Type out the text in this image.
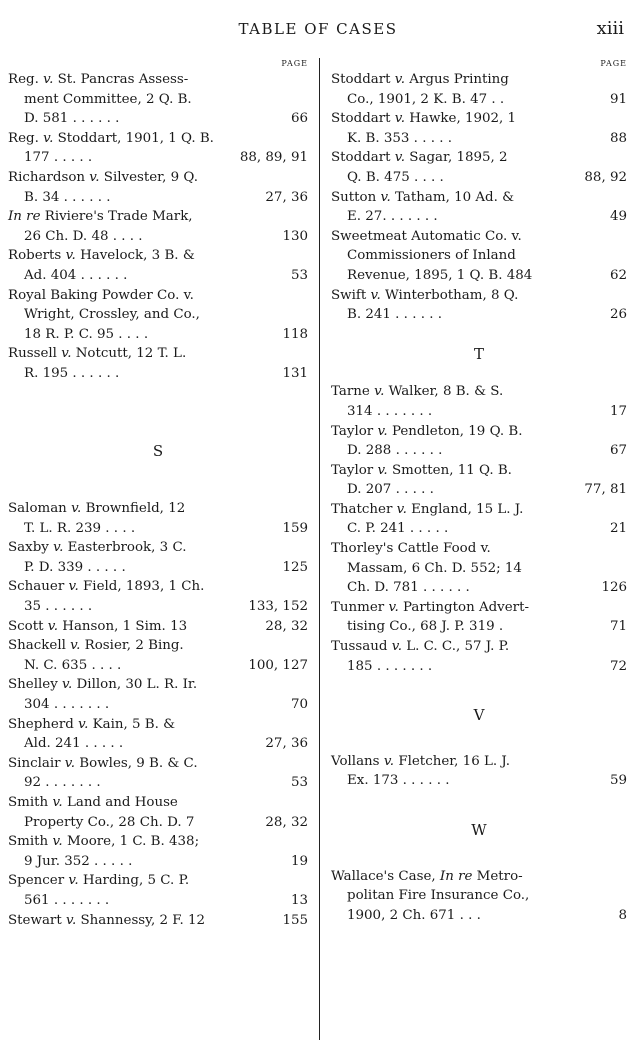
TABLE OF CASES	xiii
PAGE
Reg. v. St. Pancras Assess-
ment Committee, 2 Q. B.
D. 581 . . . . . .	66
Reg. v. Stoddart, 1901, 1 Q. B.
177 . . . . .	88, 89, 91
Richardson v. Silvester, 9 Q.
B. 34 . . . . . .	27, 36
In re Riviere's Trade Mark,
26 Ch. D. 48 . . . .	130
Roberts v. Havelock, 3 B. &
Ad. 404 . . . . . .	53
Royal Baking Powder Co. v.
Wright, Crossley, and Co.,
18 R. P. C. 95 . . . .	118
Russell v. Notcutt, 12 T. L.
R. 195 . . . . . .	131
S
Saloman v. Brownfield, 12
T. L. R. 239 . . . .	159
Saxby v. Easterbrook, 3 C.
P. D. 339 . . . . .	125
Schauer v. Field, 1893, 1 Ch.
35 . . . . . .	133, 152
Scott v. Hanson, 1 Sim. 13	28, 32
Shackell v. Rosier, 2 Bing.
N. C. 635 . . . .	100, 127
Shelley v. Dillon, 30 L. R. Ir.
304 . . . . . . .	70
Shepherd v. Kain, 5 B. &
Ald. 241 . . . . .	27, 36
Sinclair v. Bowles, 9 B. & C.
92 . . . . . . .	53
Smith v. Land and House
Property Co., 28 Ch. D. 7	28, 32
Smith v. Moore, 1 C. B. 438;
9 Jur. 352 . . . . .	19
Spencer v. Harding, 5 C. P.
561 . . . . . . .	13
Stewart v. Shannessy, 2 F. 12	155
PAGE
Stoddart v. Argus Printing
Co., 1901, 2 K. B. 47 . .	91
Stoddart v. Hawke, 1902, 1
K. B. 353 . . . . .	88
Stoddart v. Sagar, 1895, 2
Q. B. 475 . . . .	88, 92
Sutton v. Tatham, 10 Ad. &
E. 27. . . . . . .	49
Sweetmeat Automatic Co. v.
Commissioners of Inland
Revenue, 1895, 1 Q. B. 484	62
Swift v. Winterbotham, 8 Q.
B. 241 . . . . . .	26
T
Tarne v. Walker, 8 B. & S.
314 . . . . . . .	17
Taylor v. Pendleton, 19 Q. B.
D. 288 . . . . . .	67
Taylor v. Smotten, 11 Q. B.
D. 207 . . . . .	77, 81
Thatcher v. England, 15 L. J.
C. P. 241 . . . . .	21
Thorley's Cattle Food v.
Massam, 6 Ch. D. 552; 14
Ch. D. 781 . . . . . .	126
Tunmer v. Partington Advert-
tising Co., 68 J. P. 319 .	71
Tussaud v. L. C. C., 57 J. P.
185 . . . . . . .	72
V
Vollans v. Fletcher, 16 L. J.
Ex. 173 . . . . . .	59
W
Wallace's Case, In re Metro-
politan Fire Insurance Co.,
1900, 2 Ch. 671 . . .	8
